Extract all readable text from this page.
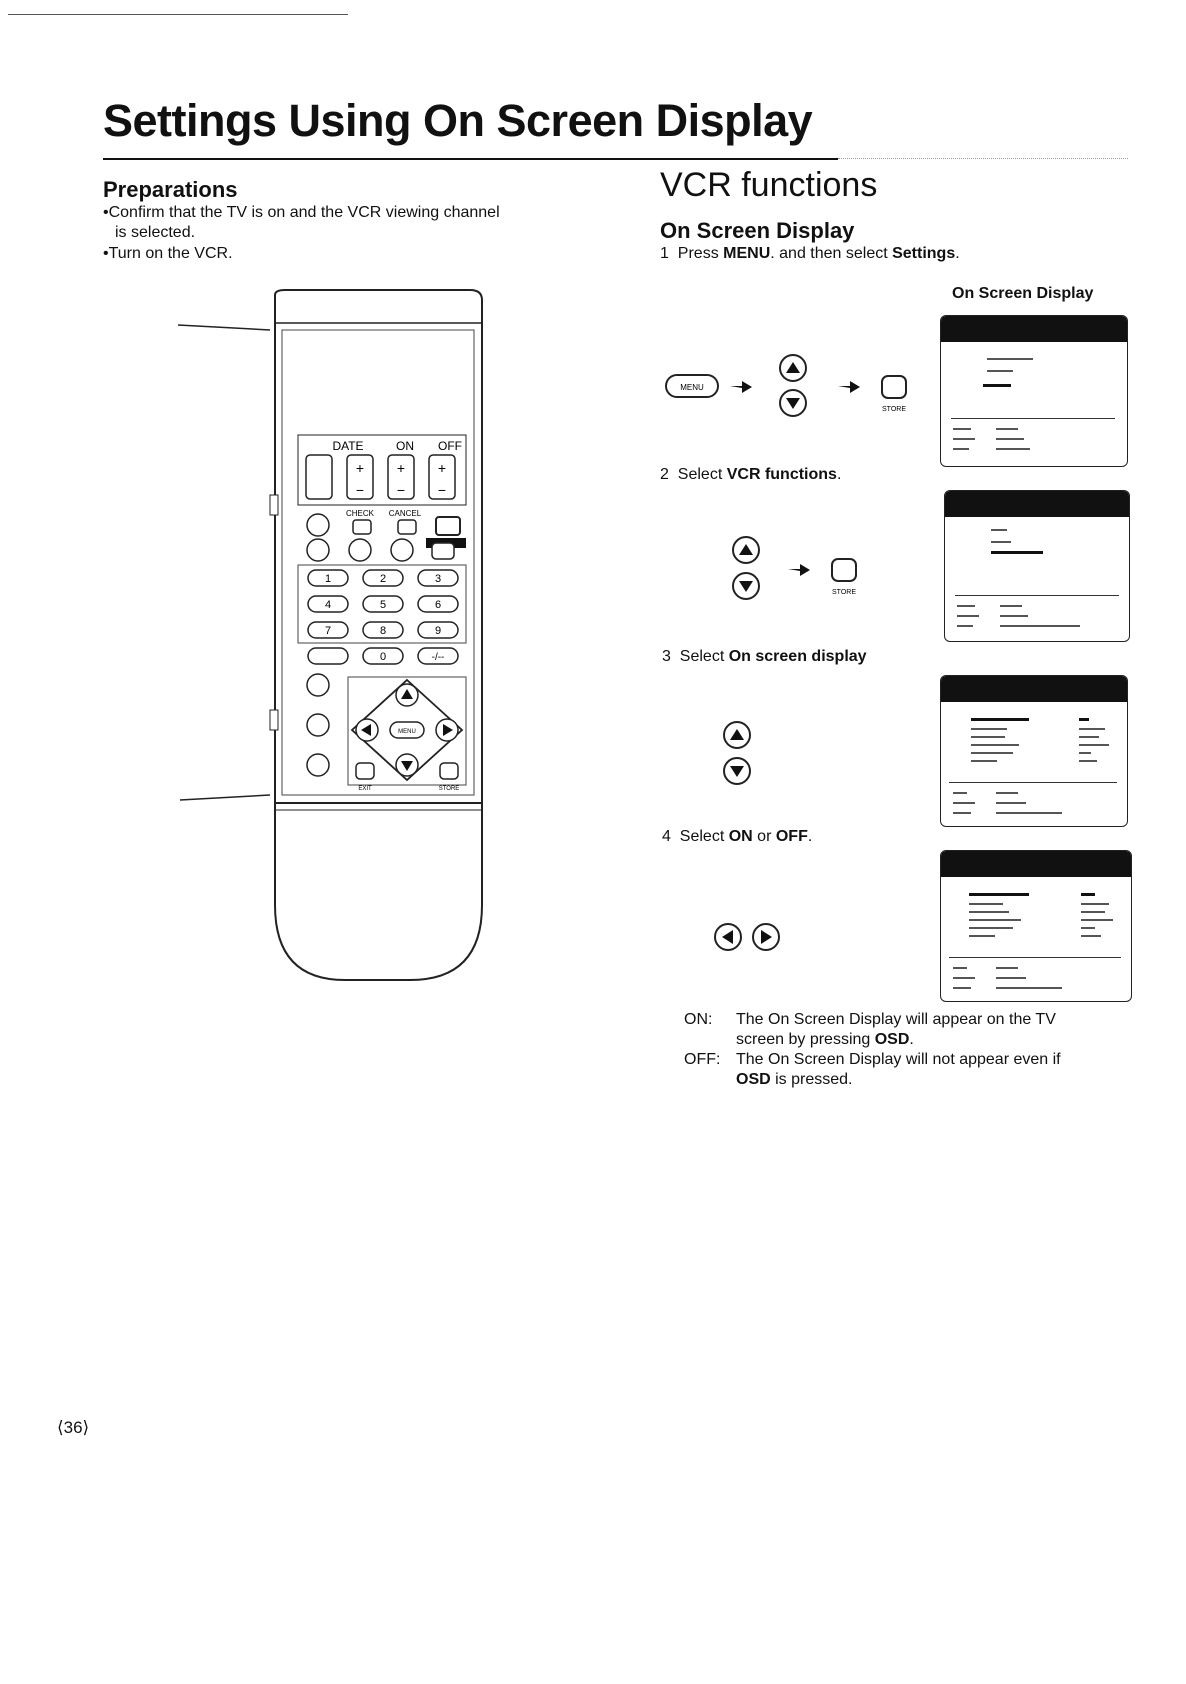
Settings Using On Screen Display
Preparations
•Confirm that the TV is on and the VCR viewing channel
is selected.
•Turn on the VCR.
DATE	ON OFF
+ + +
− − −
CHECK CANCEL
1	2	3
4	5	6
7	8	9
0	-/--
MENU
EXIT	STORE
VCR functions
On Screen Display
1 Press MENU. and then select Settings.
On Screen Display
MENU
STORE
2 Select VCR functions.
STORE
3 Select On screen display
4 Select ON or OFF.
ON: The On Screen Display will appear on the TV
screen by pressing OSD.
OFF: The On Screen Display will not appear even if
OSD is pressed.
⟨36⟩
